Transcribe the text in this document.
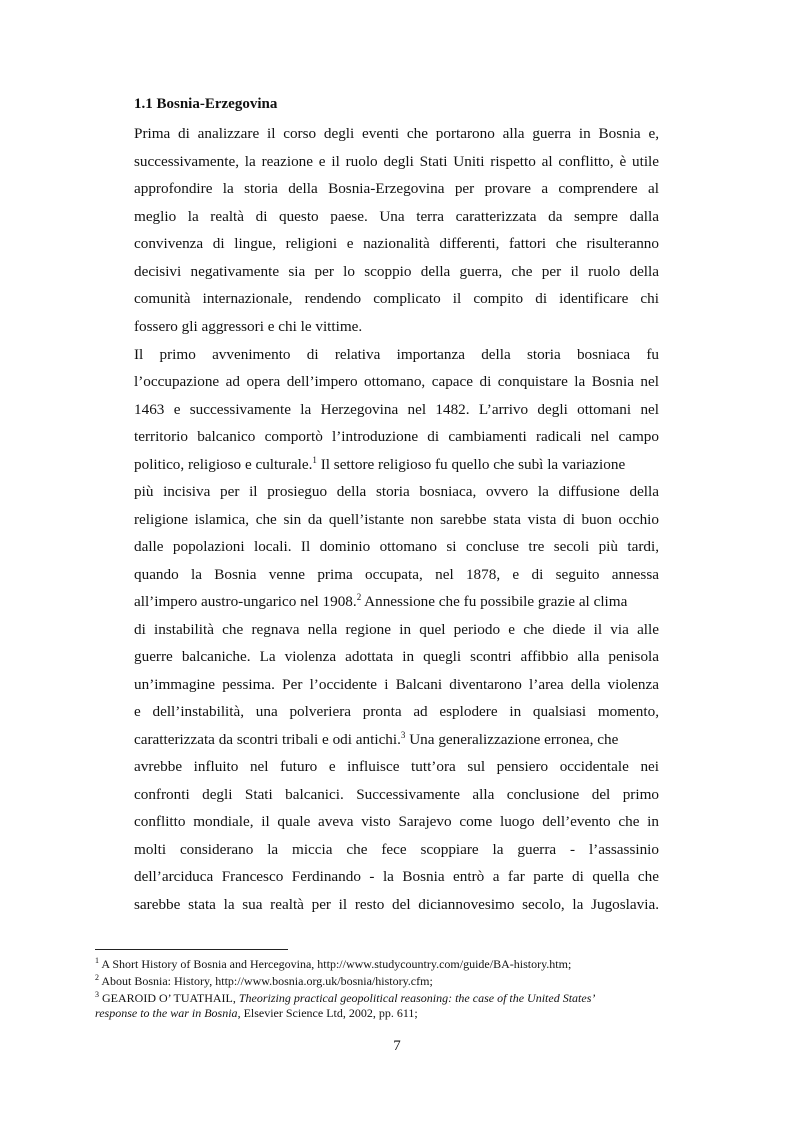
1.1 Bosnia-Erzegovina
Prima di analizzare il corso degli eventi che portarono alla guerra in Bosnia e,
successivamente, la reazione e il ruolo degli Stati Uniti rispetto al conflitto, è utile
approfondire la storia della Bosnia-Erzegovina per provare a comprendere al
meglio la realtà di questo paese. Una terra caratterizzata da sempre dalla
convivenza di lingue, religioni e nazionalità differenti, fattori che risulteranno
decisivi negativamente sia per lo scoppio della guerra, che per il ruolo della
comunità internazionale, rendendo complicato il compito di identificare chi
fossero gli aggressori e chi le vittime.
Il primo avvenimento di relativa importanza della storia bosniaca fu
l’occupazione ad opera dell’impero ottomano, capace di conquistare la Bosnia nel
1463 e successivamente la Herzegovina nel 1482. L’arrivo degli ottomani nel
territorio balcanico comportò l’introduzione di cambiamenti radicali nel campo
politico, religioso e culturale.$^1$ Il settore religioso fu quello che subì la variazione
più incisiva per il prosieguo della storia bosniaca, ovvero la diffusione della
religione islamica, che sin da quell’istante non sarebbe stata vista di buon occhio
dalle popolazioni locali. Il dominio ottomano si concluse tre secoli più tardi,
quando la Bosnia venne prima occupata, nel 1878, e di seguito annessa
all’impero austro-ungarico nel 1908.$^2$ Annessione che fu possibile grazie al clima
di instabilità che regnava nella regione in quel periodo e che diede il via alle
guerre balcaniche. La violenza adottata in quegli scontri affibbio alla penisola
un’immagine pessima. Per l’occidente i Balcani diventarono l’area della violenza
e dell’instabilità, una polveriera pronta ad esplodere in qualsiasi momento,
caratterizzata da scontri tribali e odi antichi.$^3$ Una generalizzazione erronea, che
avrebbe influito nel futuro e influisce tutt’ora sul pensiero occidentale nei
confronti degli Stati balcanici. Successivamente alla conclusione del primo
conflitto mondiale, il quale aveva visto Sarajevo come luogo dell’evento che in
molti considerano la miccia che fece scoppiare la guerra - l’assassinio
dell’arciduca Francesco Ferdinando - la Bosnia entrò a far parte di quella che
sarebbe stata la sua realtà per il resto del diciannovesimo secolo, la Jugoslavia.
$^1$ A Short History of Bosnia and Hercegovina, http://www.studycountry.com/guide/BA-history.htm;
$^2$ About Bosnia: History, http://www.bosnia.org.uk/bosnia/history.cfm;
$^3$ GEAROID O’ TUATHAIL, Theorizing practical geopolitical reasoning: the case of the United States’
response to the war in Bosnia, Elsevier Science Ltd, 2002, pp. 611;
7
